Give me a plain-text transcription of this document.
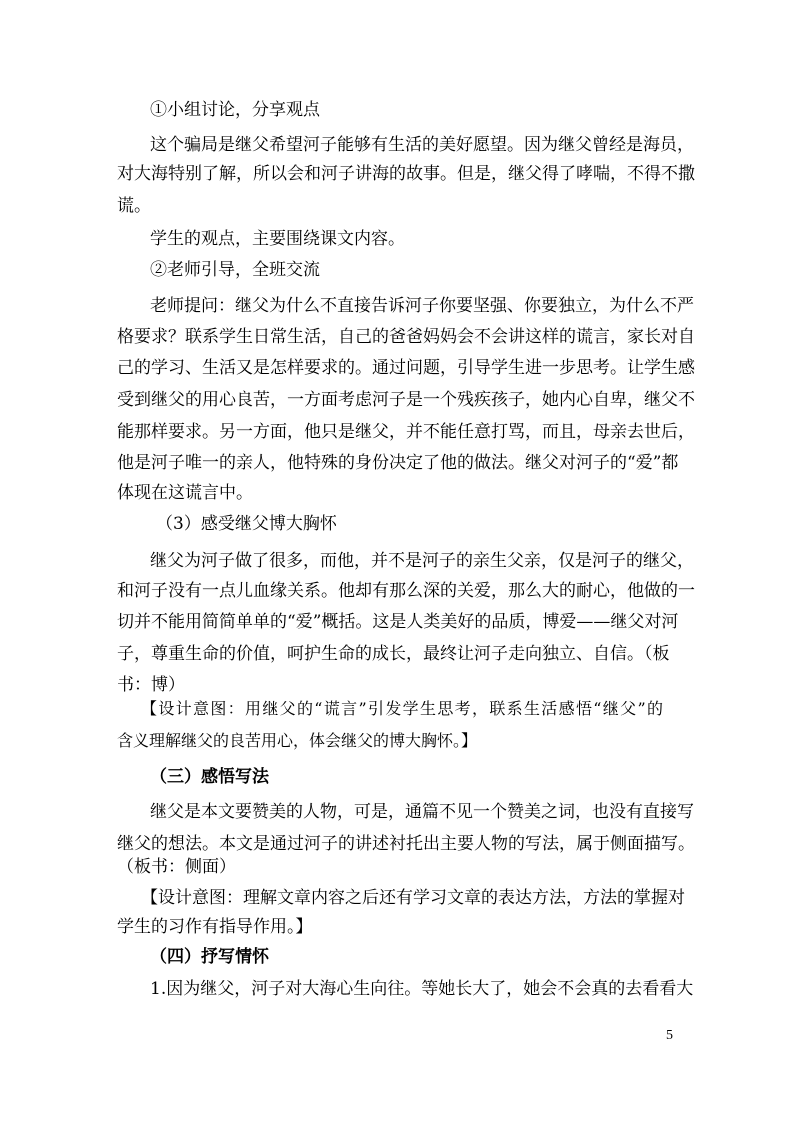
①小组讨论，分享观点
这个骗局是继父希望河子能够有生活的美好愿望。因为继父曾经是海员，
对大海特别了解，所以会和河子讲海的故事。但是，继父得了哮喘，不得不撒
谎。
学生的观点，主要围绕课文内容。
②老师引导，全班交流
老师提问：继父为什么不直接告诉河子你要坚强、你要独立，为什么不严
格要求？联系学生日常生活，自己的爸爸妈妈会不会讲这样的谎言，家长对自
己的学习、生活又是怎样要求的。通过问题，引导学生进一步思考。让学生感
受到继父的用心良苦，一方面考虑河子是一个残疾孩子，她内心自卑，继父不
能那样要求。另一方面，他只是继父，并不能任意打骂，而且，母亲去世后，
他是河子唯一的亲人，他特殊的身份决定了他的做法。继父对河子的“爱”都
体现在这谎言中。
（3）感受继父博大胸怀
继父为河子做了很多，而他，并不是河子的亲生父亲，仅是河子的继父，
和河子没有一点儿血缘关系。他却有那么深的关爱，那么大的耐心，他做的一
切并不能用简简单单的“爱”概括。这是人类美好的品质，博爱——继父对河
子，尊重生命的价值，呵护生命的成长，最终让河子走向独立、自信。（板
书：博）
【设计意图：用继父的“谎言”引发学生思考，联系生活感悟“继父”的
含义理解继父的良苦用心，体会继父的博大胸怀。】
（三）感悟写法
继父是本文要赞美的人物，可是，通篇不见一个赞美之词，也没有直接写
继父的想法。本文是通过河子的讲述衬托出主要人物的写法，属于侧面描写。
（板书：侧面）
【设计意图：理解文章内容之后还有学习文章的表达方法，方法的掌握对
学生的习作有指导作用。】
（四）抒写情怀
1.因为继父，河子对大海心生向往。等她长大了，她会不会真的去看看大
5
